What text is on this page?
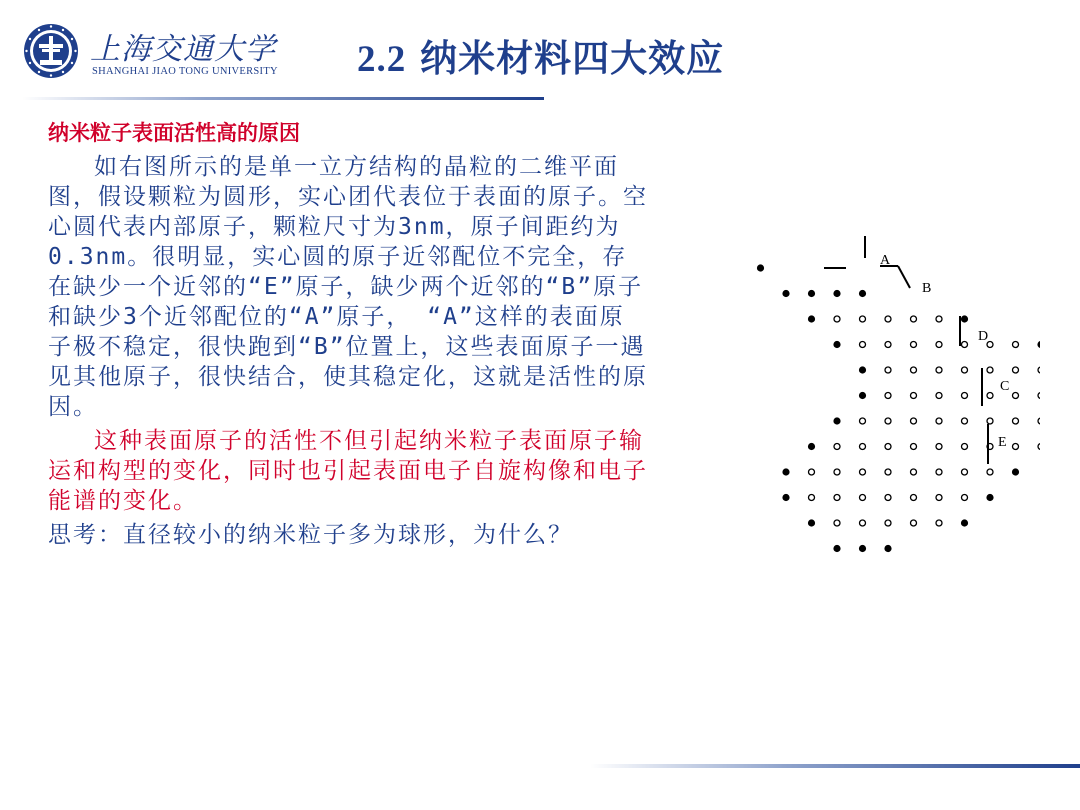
上海交通大学
SHANGHAI JIAO TONG UNIVERSITY 2.2 纳米材料四大效应
纳米粒子表面活性高的原因
如右图所示的是单一立方结构的晶粒的二维平面图，假设颗粒为圆形，实心团代表位于表面的原子。空心圆代表内部原子，颗粒尺寸为3nm，原子间距约为0.3nm。很明显，实心圆的原子近邻配位不完全，存在缺少一个近邻的“E”原子，缺少两个近邻的“B”原子和缺少3个近邻配位的“A”原子， “A”这样的表面原子极不稳定，很快跑到“B”位置上，这些表面原子一遇见其他原子，很快结合，使其稳定化，这就是活性的原因。
这种表面原子的活性不但引起纳米粒子表面原子输运和构型的变化，同时也引起表面电子自旋构像和电子能谱的变化。
思考：直径较小的纳米粒子多为球形，为什么？
A
B
D
C
E
